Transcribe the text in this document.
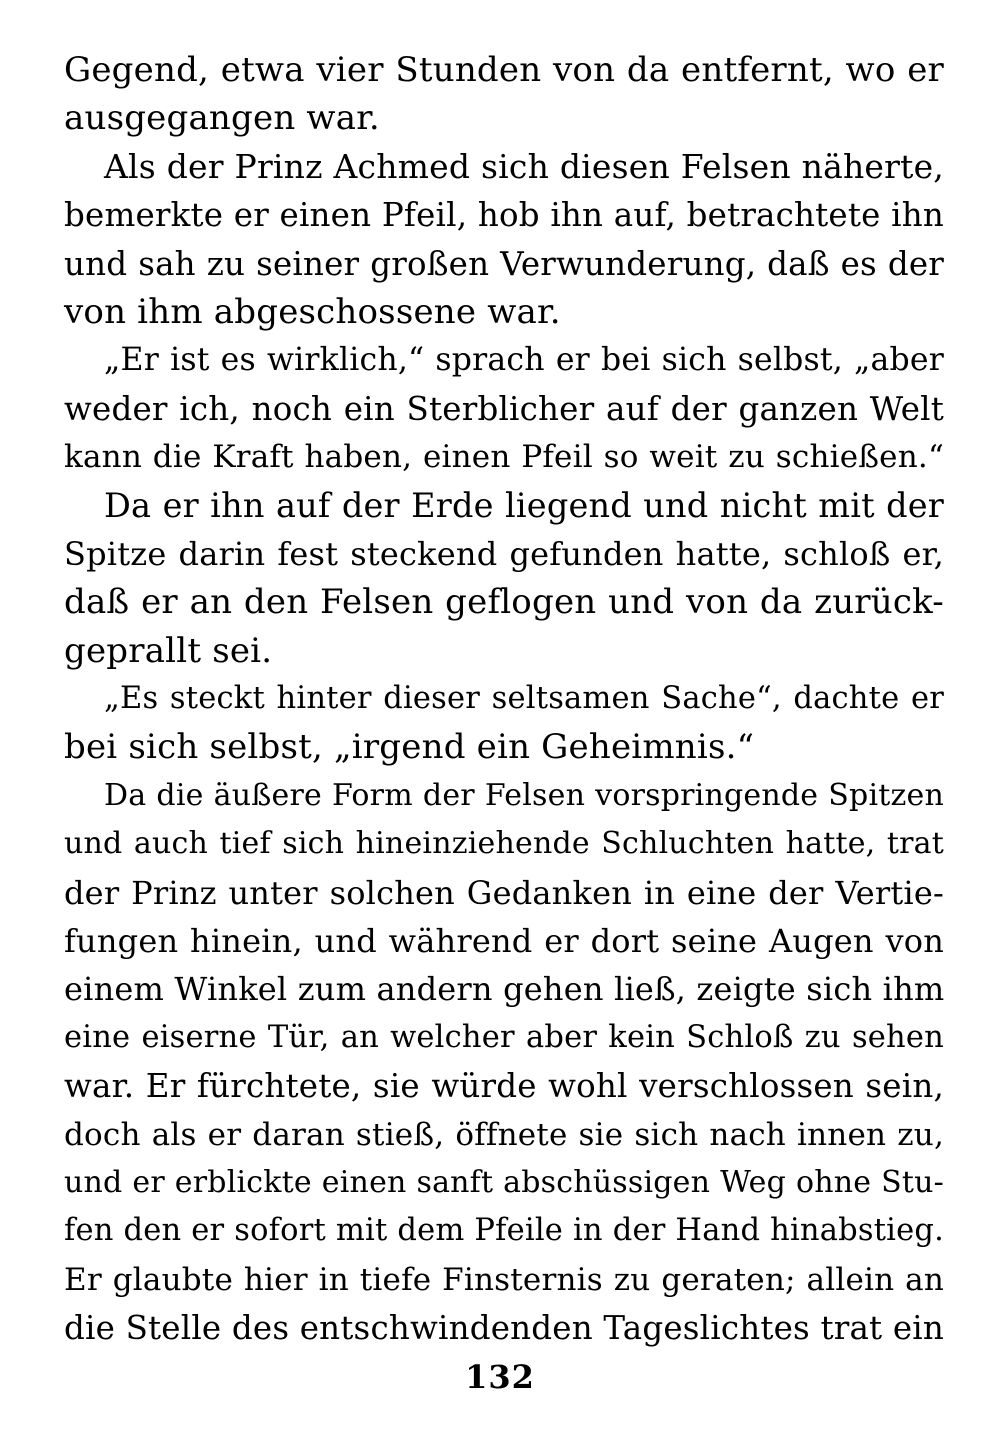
Gegend, etwa vier Stunden von da entfernt, wo er
ausgegangen war.
Als der Prinz Achmed sich diesen Felsen näherte,
bemerkte er einen Pfeil, hob ihn auf, betrachtete ihn
und sah zu seiner großen Verwunderung, daß es der
von ihm abgeschossene war.
„Er ist es wirklich,“ sprach er bei sich selbst, „aber
weder ich, noch ein Sterblicher auf der ganzen Welt
kann die Kraft haben, einen Pfeil so weit zu schießen.“
Da er ihn auf der Erde liegend und nicht mit der
Spitze darin fest steckend gefunden hatte, schloß er,
daß er an den Felsen geflogen und von da zurück-
geprallt sei.
„Es steckt hinter dieser seltsamen Sache“, dachte er
bei sich selbst, „irgend ein Geheimnis.“
Da die äußere Form der Felsen vorspringende Spitzen
und auch tief sich hineinziehende Schluchten hatte, trat
der Prinz unter solchen Gedanken in eine der Vertie-
fungen hinein, und während er dort seine Augen von
einem Winkel zum andern gehen ließ, zeigte sich ihm
eine eiserne Tür, an welcher aber kein Schloß zu sehen
war. Er fürchtete, sie würde wohl verschlossen sein,
doch als er daran stieß, öffnete sie sich nach innen zu,
und er erblickte einen sanft abschüssigen Weg ohne Stu-
fen den er sofort mit dem Pfeile in der Hand hinabstieg.
Er glaubte hier in tiefe Finsternis zu geraten; allein an
die Stelle des entschwindenden Tageslichtes trat ein
132
